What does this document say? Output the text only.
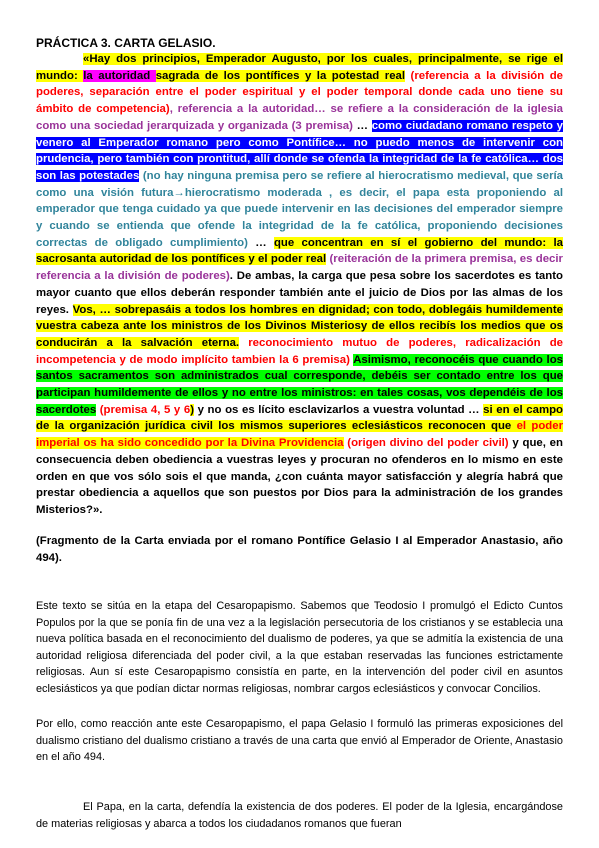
PRÁCTICA 3. CARTA GELASIO.

«Hay dos principios, Emperador Augusto, por los cuales, principalmente, se rige el mundo: la autoridad sagrada de los pontífices y la potestad real (referencia a la división de poderes, separación entre el poder espiritual y el poder temporal donde cada uno tiene su ámbito de competencia), referencia a la autoridad… se refiere a la consideración de la iglesia como una sociedad jerarquizada y organizada (3 premisa) … como ciudadano romano respeto y venero al Emperador romano pero como Pontífice… no puedo menos de intervenir con prudencia, pero también con prontitud, allí donde se ofenda la integridad de la fe católica… dos son las potestades (no hay ninguna premisa pero se refiere al hierocratismo medieval, que sería como una visión futura→hierocratismo moderada , es decir, el papa esta proponiendo al emperador que tenga cuidado ya que puede intervenir en las decisiones del emperador siempre y cuando se entienda que ofende la integridad de la fe católica, proponiendo decisiones correctas de obligado cumplimiento) … que concentran en sí el gobierno del mundo: la sacrosanta autoridad de los pontífices y el poder real (reiteración de la primera premisa, es decir referencia a la división de poderes). De ambas, la carga que pesa sobre los sacerdotes es tanto mayor cuanto que ellos deberán responder también ante el juicio de Dios por las almas de los reyes. Vos, … sobrepasáis a todos los hombres en dignidad; con todo, doblegáis humildemente vuestra cabeza ante los ministros de los Divinos Misteriosy de ellos recibís los medios que os conducirán a la salvación eterna. reconocimiento mutuo de poderes, radicalización de incompetencia y de modo implícito tambien la 6 premisa) Asimismo, reconocéis que cuando los santos sacramentos son administrados cual corresponde, debéis ser contado entre los que participan humildemente de ellos y no entre los ministros: en tales cosas, vos dependéis de los sacerdotes (premisa 4, 5 y 6) y no os es lícito esclavizarlos a vuestra voluntad … si en el campo de la organización jurídica civil los mismos superiores eclesiásticos reconocen que el poder imperial os ha sido concedido por la Divina Providencia (origen divino del poder civil) y que, en consecuencia deben obediencia a vuestras leyes y procuran no ofenderos en lo mismo en este orden en que vos sólo sois el que manda, ¿con cuánta mayor satisfacción y alegría habrá que prestar obediencia a aquellos que son puestos por Dios para la administración de los grandes Misterios?».

(Fragmento de la Carta enviada por el romano Pontífice Gelasio I al Emperador Anastasio, año 494).

Este texto se sitúa en la etapa del Cesaropapismo. Sabemos que Teodosio I promulgó el Edicto Cuntos Populos por la que se ponía fin de una vez a la legislación persecutoria de los cristianos y se establecia una nueva política basada en el reconocimiento del dualismo de poderes, ya que se admitía la existencia de una autoridad religiosa diferenciada del poder civil, a la que estaban reservadas las funciones estrictamente religiosas. Aun sí este Cesaropapismo consistía en parte, en la intervención del poder civil en asuntos eclesiásticos ya que podían dictar normas religiosas, nombrar cargos eclesiásticos y convocar Concilios.

Por ello, como reacción ante este Cesaropapismo, el papa Gelasio I formuló las primeras exposiciones del dualismo cristiano del dualismo cristiano a través de una carta que envió al Emperador de Oriente, Anastasio en el año 494.

El Papa, en la carta, defendía la existencia de dos poderes. El poder de la Iglesia, encargándose de materias religiosas y abarca a todos los ciudadanos romanos que fueran
